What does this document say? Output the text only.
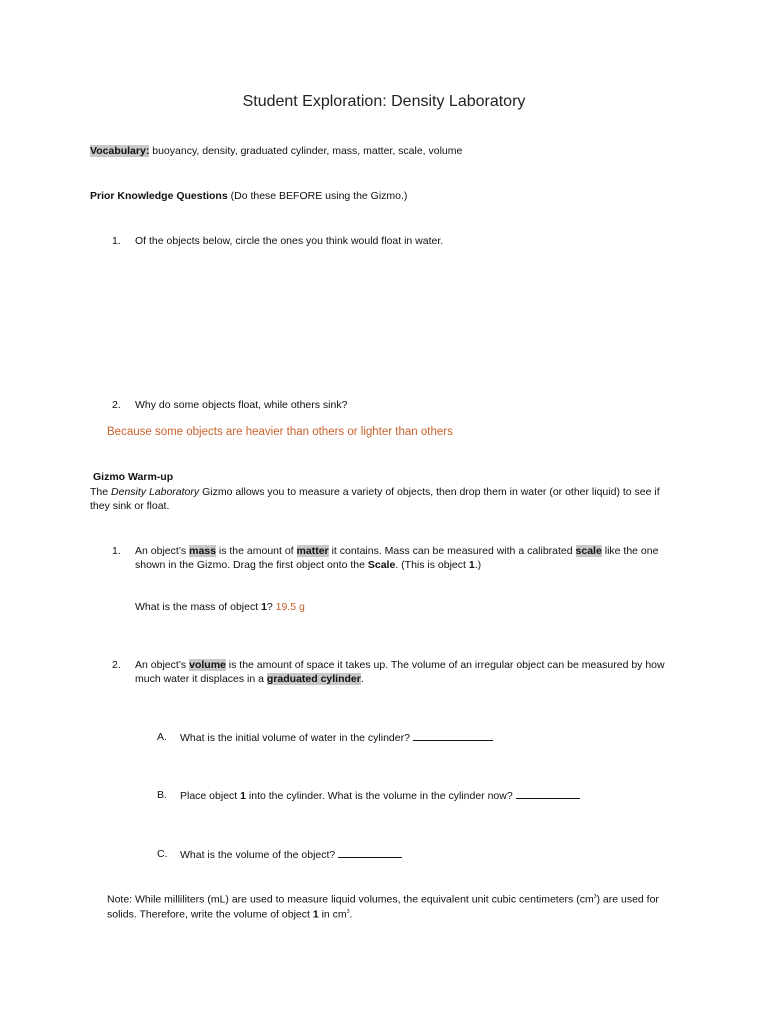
Student Exploration: Density Laboratory
Vocabulary: buoyancy, density, graduated cylinder, mass, matter, scale, volume
Prior Knowledge Questions (Do these BEFORE using the Gizmo.)
1. Of the objects below, circle the ones you think would float in water.
2. Why do some objects float, while others sink?
Because some objects are heavier than others or lighter than others
Gizmo Warm-up
The Density Laboratory Gizmo allows you to measure a variety of objects, then drop them in water (or other liquid) to see if
they sink or float.
1. An object’s mass is the amount of matter it contains. Mass can be measured with a calibrated scale like the one
shown in the Gizmo. Drag the first object onto the Scale. (This is object 1.)
What is the mass of object 1? 19.5 g
2. An object’s volume is the amount of space it takes up. The volume of an irregular object can be measured by how
much water it displaces in a graduated cylinder.
A. What is the initial volume of water in the cylinder?
B. Place object 1 into the cylinder. What is the volume in the cylinder now?
C. What is the volume of the object?
Note: While milliliters (mL) are used to measure liquid volumes, the equivalent unit cubic centimeters $(cm^3)$ are used for
solids. Therefore, write the volume of object 1 in $cm^3$.
